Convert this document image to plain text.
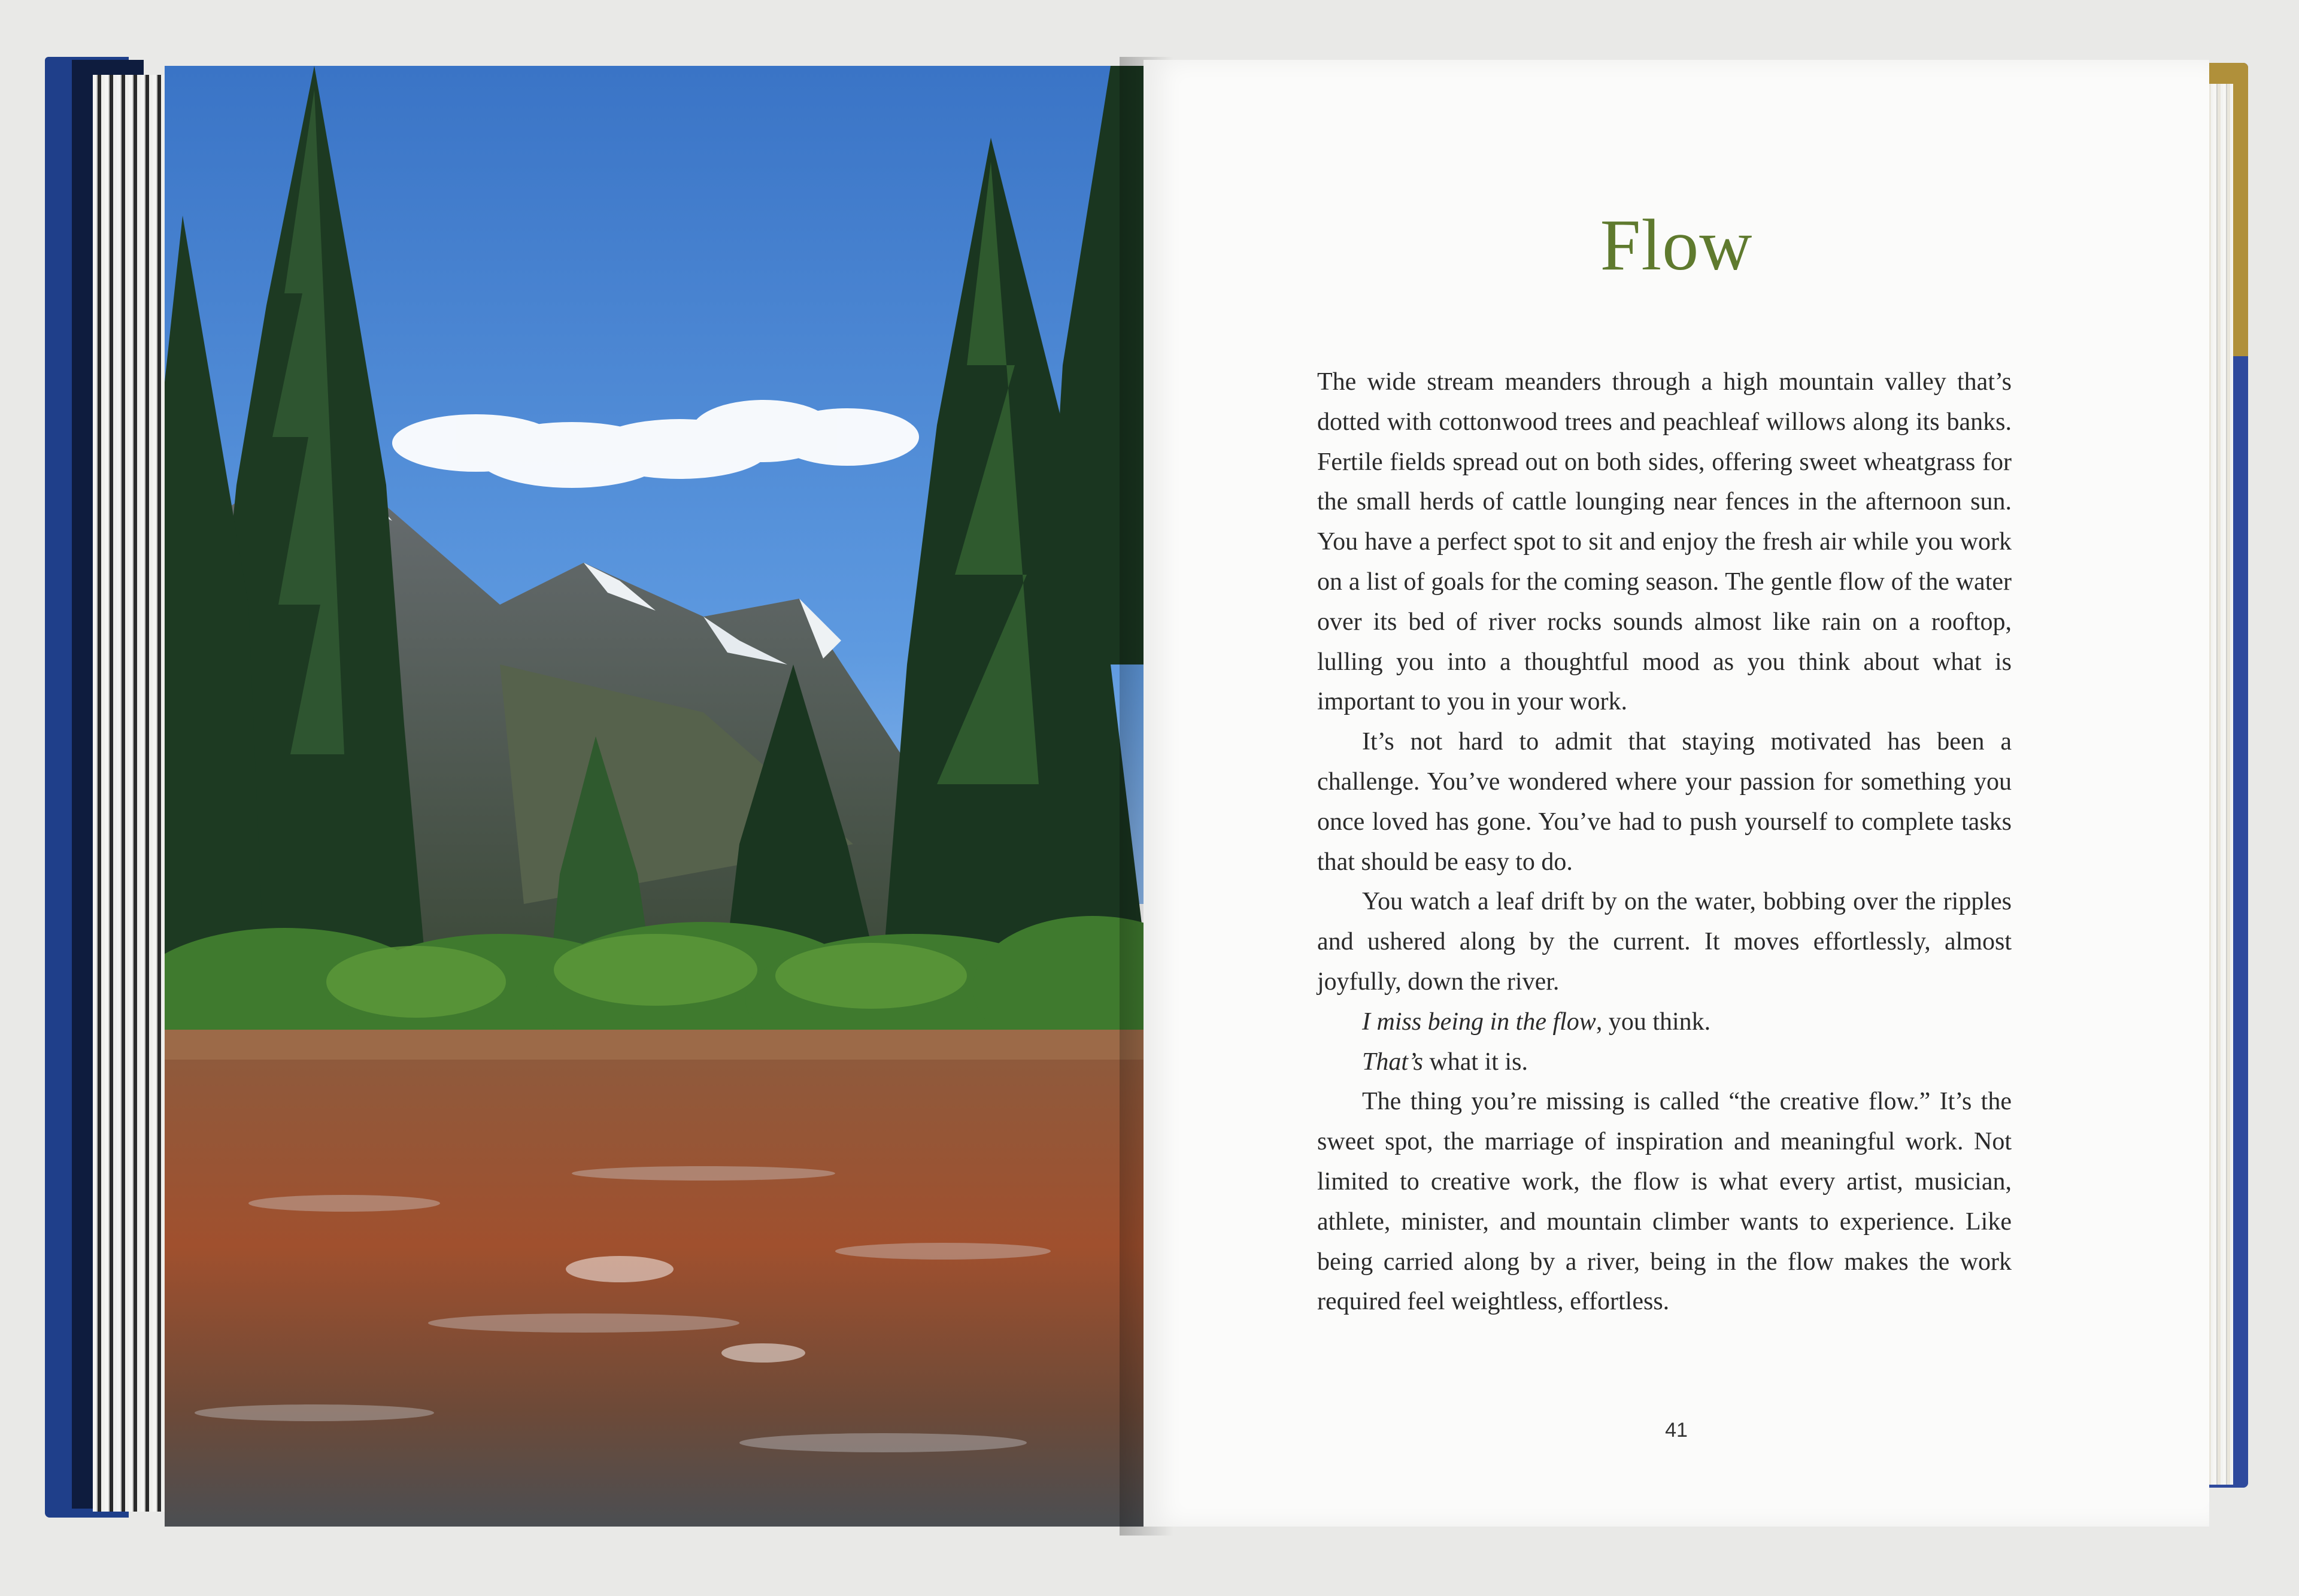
Flow

The wide stream meanders through a high mountain valley that’s dotted with cottonwood trees and peachleaf willows along its banks. Fertile fields spread out on both sides, offering sweet wheatgrass for the small herds of cattle lounging near fences in the afternoon sun. You have a perfect spot to sit and enjoy the fresh air while you work on a list of goals for the coming season. The gentle flow of the water over its bed of river rocks sounds almost like rain on a rooftop, lulling you into a thoughtful mood as you think about what is important to you in your work.

It’s not hard to admit that staying motivated has been a challenge. You’ve wondered where your passion for something you once loved has gone. You’ve had to push yourself to complete tasks that should be easy to do.

You watch a leaf drift by on the water, bobbing over the ripples and ushered along by the current. It moves effortlessly, almost joyfully, down the river.

I miss being in the flow, you think.

That’s what it is.

The thing you’re missing is called “the creative flow.” It’s the sweet spot, the marriage of inspiration and meaningful work. Not limited to creative work, the flow is what every artist, musician, athlete, minister, and mountain climber wants to experience. Like being carried along by a river, being in the flow makes the work required feel weightless, effortless.

41
